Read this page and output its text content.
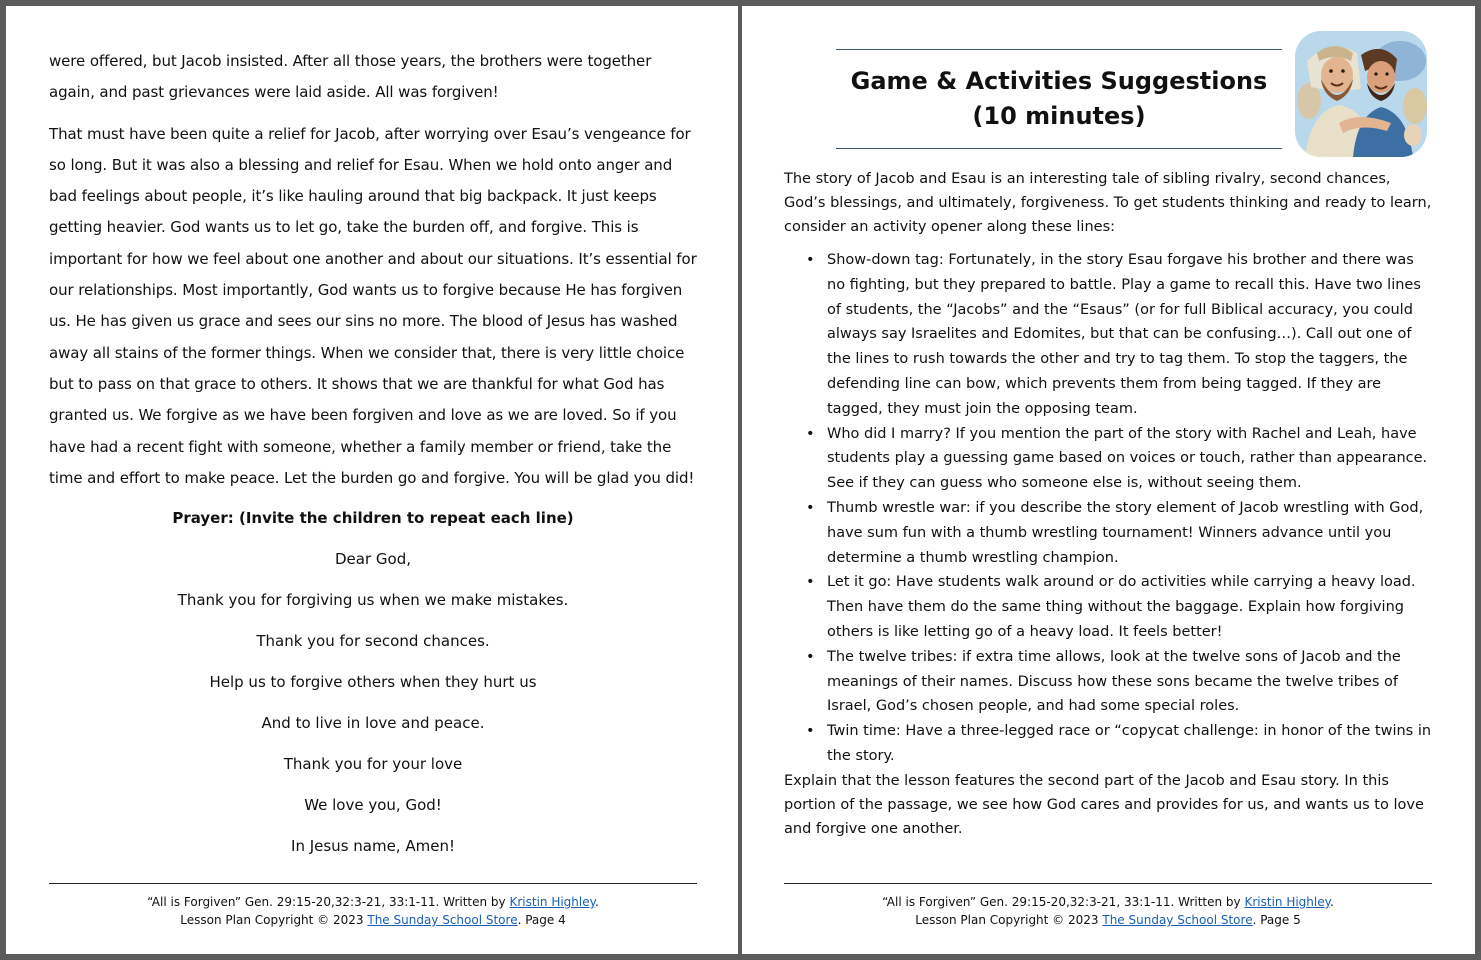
were offered, but Jacob insisted. After all those years, the brothers were together again, and past grievances were laid aside. All was forgiven!

That must have been quite a relief for Jacob, after worrying over Esau’s vengeance for so long. But it was also a blessing and relief for Esau. When we hold onto anger and bad feelings about people, it’s like hauling around that big backpack. It just keeps getting heavier. God wants us to let go, take the burden off, and forgive. This is important for how we feel about one another and about our situations. It’s essential for our relationships. Most importantly, God wants us to forgive because He has forgiven us. He has given us grace and sees our sins no more. The blood of Jesus has washed away all stains of the former things. When we consider that, there is very little choice but to pass on that grace to others. It shows that we are thankful for what God has granted us. We forgive as we have been forgiven and love as we are loved. So if you have had a recent fight with someone, whether a family member or friend, take the time and effort to make peace. Let the burden go and forgive. You will be glad you did!

Prayer: (Invite the children to repeat each line)

Dear God,

Thank you for forgiving us when we make mistakes.

Thank you for second chances.

Help us to forgive others when they hurt us

And to live in love and peace.

Thank you for your love

We love you, God!

In Jesus name, Amen!

“All is Forgiven” Gen. 29:15-20,32:3-21, 33:1-11. Written by Kristin Highley.
Lesson Plan Copyright © 2023 The Sunday School Store. Page 4

Game & Activities Suggestions
(10 minutes)

The story of Jacob and Esau is an interesting tale of sibling rivalry, second chances, God’s blessings, and ultimately, forgiveness. To get students thinking and ready to learn, consider an activity opener along these lines:

• Show-down tag: Fortunately, in the story Esau forgave his brother and there was no fighting, but they prepared to battle. Play a game to recall this. Have two lines of students, the “Jacobs” and the “Esaus” (or for full Biblical accuracy, you could always say Israelites and Edomites, but that can be confusing…). Call out one of the lines to rush towards the other and try to tag them. To stop the taggers, the defending line can bow, which prevents them from being tagged. If they are tagged, they must join the opposing team.
• Who did I marry? If you mention the part of the story with Rachel and Leah, have students play a guessing game based on voices or touch, rather than appearance. See if they can guess who someone else is, without seeing them.
• Thumb wrestle war: if you describe the story element of Jacob wrestling with God, have sum fun with a thumb wrestling tournament! Winners advance until you determine a thumb wrestling champion.
• Let it go: Have students walk around or do activities while carrying a heavy load. Then have them do the same thing without the baggage. Explain how forgiving others is like letting go of a heavy load. It feels better!
• The twelve tribes: if extra time allows, look at the twelve sons of Jacob and the meanings of their names. Discuss how these sons became the twelve tribes of Israel, God’s chosen people, and had some special roles.
• Twin time: Have a three-legged race or “copycat challenge: in honor of the twins in the story.

Explain that the lesson features the second part of the Jacob and Esau story. In this portion of the passage, we see how God cares and provides for us, and wants us to love and forgive one another.

“All is Forgiven” Gen. 29:15-20,32:3-21, 33:1-11. Written by Kristin Highley.
Lesson Plan Copyright © 2023 The Sunday School Store. Page 5
